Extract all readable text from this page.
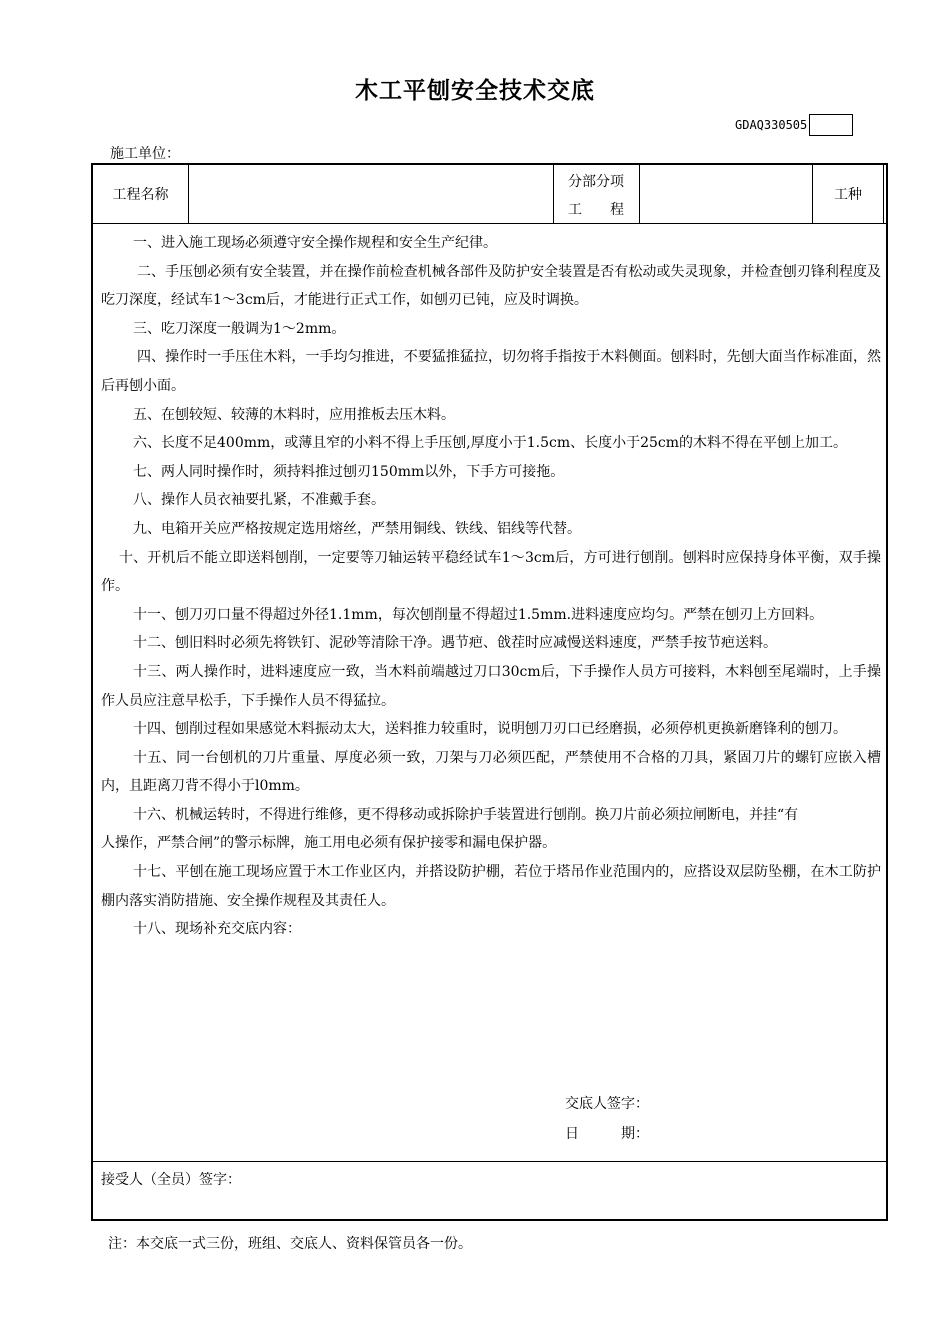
木工平刨安全技术交底
GDAQ330505
施工单位：
工程名称
分部分项
工　　程
工种

一、进入施工现场必须遵守安全操作规程和安全生产纪律。

二、手压刨必须有安全装置，并在操作前检查机械各部件及防护安全装置是否有松动或失灵现象，并检查刨刃锋利程度及吃刀深度，经试车1～3cm后，才能进行正式工作，如刨刃已钝，应及时调换。

三、吃刀深度一般调为1～2mm。

四、操作时一手压住木料，一手均匀推进，不要猛推猛拉，切勿将手指按于木料侧面。刨料时，先刨大面当作标准面，然后再刨小面。

五、在刨较短、较薄的木料时，应用推板去压木料。

六、长度不足400mm，或薄且窄的小料不得上手压刨,厚度小于1.5cm、长度小于25cm的木料不得在平刨上加工。

七、两人同时操作时，须持料推过刨刃150mm以外，下手方可接拖。

八、操作人员衣袖要扎紧，不准戴手套。

九、电箱开关应严格按规定选用熔丝，严禁用铜线、铁线、铝线等代替。

十、开机后不能立即送料刨削，一定要等刀轴运转平稳经试车1～3cm后，方可进行刨削。刨料时应保持身体平衡，双手操作。

十一、刨刀刃口量不得超过外径1.1mm，每次刨削量不得超过1.5mm.进料速度应均匀。严禁在刨刃上方回料。

十二、刨旧料时必须先将铁钉、泥砂等清除干净。遇节疤、戗茬时应减慢送料速度，严禁手按节疤送料。

十三、两人操作时，进料速度应一致，当木料前端越过刀口30cm后，下手操作人员方可接料，木料刨至尾端时，上手操作人员应注意早松手，下手操作人员不得猛拉。

十四、刨削过程如果感觉木料振动太大，送料推力较重时，说明刨刀刃口已经磨损，必须停机更换新磨锋利的刨刀。

十五、同一台刨机的刀片重量、厚度必须一致，刀架与刀必须匹配，严禁使用不合格的刀具，紧固刀片的螺钉应嵌入槽内，且距离刀背不得小于l0mm。

十六、机械运转时，不得进行维修，更不得移动或拆除护手装置进行刨削。换刀片前必须拉闸断电，并挂“有

人操作，严禁合闸”的警示标牌，施工用电必须有保护接零和漏电保护器。

十七、平刨在施工现场应置于木工作业区内，并搭设防护棚，若位于塔吊作业范围内的，应搭设双层防坠棚，在木工防护棚内落实消防措施、安全操作规程及其责任人。

十八、现场补充交底内容：

交底人签字：
日　　　期：
接受人（全员）签字：
注：本交底一式三份，班组、交底人、资料保管员各一份。
